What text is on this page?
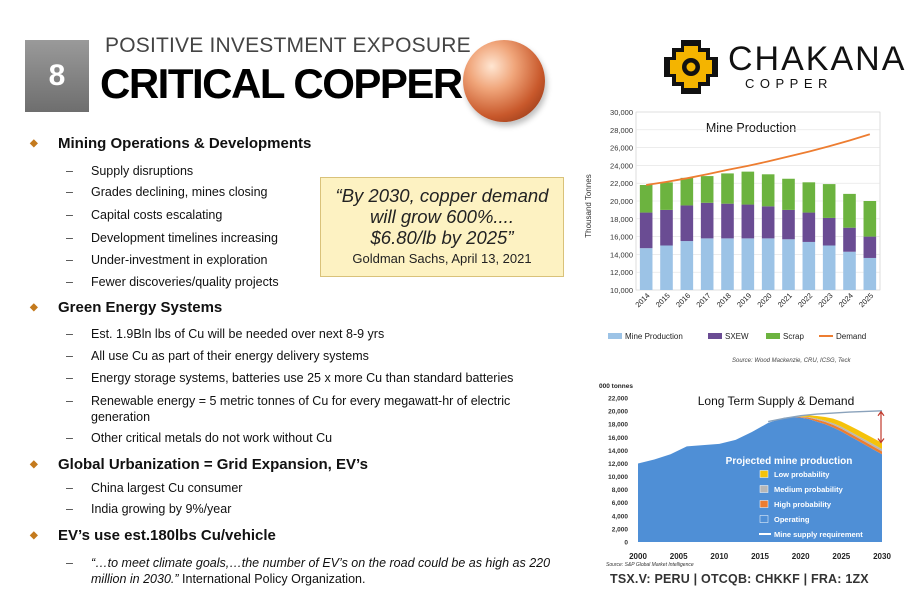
8
POSITIVE INVESTMENT EXPOSURE
CRITICAL COPPER
CHAKANA
COPPER
◆	Mining Operations & Developments
–	Supply disruptions
–	Grades declining, mines closing
–	Capital costs escalating
–	Development timelines increasing
–	Under-investment in exploration
–	Fewer discoveries/quality projects
◆	Green Energy Systems
–	Est. 1.9Bln lbs of Cu will be needed over next 8-9 yrs
–	All use Cu as part of their energy delivery systems
–	Energy storage systems, batteries use 25 x more Cu than standard batteries
–	Renewable energy = 5 metric tonnes of Cu for every megawatt-hr of electric generation
–	Other critical metals do not work without Cu
◆	Global Urbanization = Grid Expansion, EV’s
–	China largest Cu consumer
–	India growing by 9%/year
◆	EV’s use est.180lbs Cu/vehicle
–	“…to meet climate goals,…the number of EV’s on the road could be as high as 220 million in 2030.” International Policy Organization.
“By 2030, copper demand
will grow 600%....
$6.80/lb by 2025”
Goldman Sachs, April 13, 2021
Mine Production
Thousand Tonnes
10,000
12,000
14,000
16,000
18,000
20,000
22,000
24,000
26,000
28,000
30,000
2014 2015 2016 2017 2018 2019 2020 2021 2022 2023 2024 2025
Mine Production	SXEW	Scrap	Demand
Source: Wood Mackenzie, CRU, ICSG, Teck
000 tonnes
Long Term Supply & Demand
Projected mine production
Low probability
Medium probability
High probability
Operating
Mine supply requirement
0
2,000
4,000
6,000
8,000
10,000
12,000
14,000
16,000
18,000
20,000
22,000
2000	2005	2010	2015	2020	2025	2030
Source: S&P Global Market Intelligence
TSX.V: PERU | OTCQB: CHKKF | FRA: 1ZX
